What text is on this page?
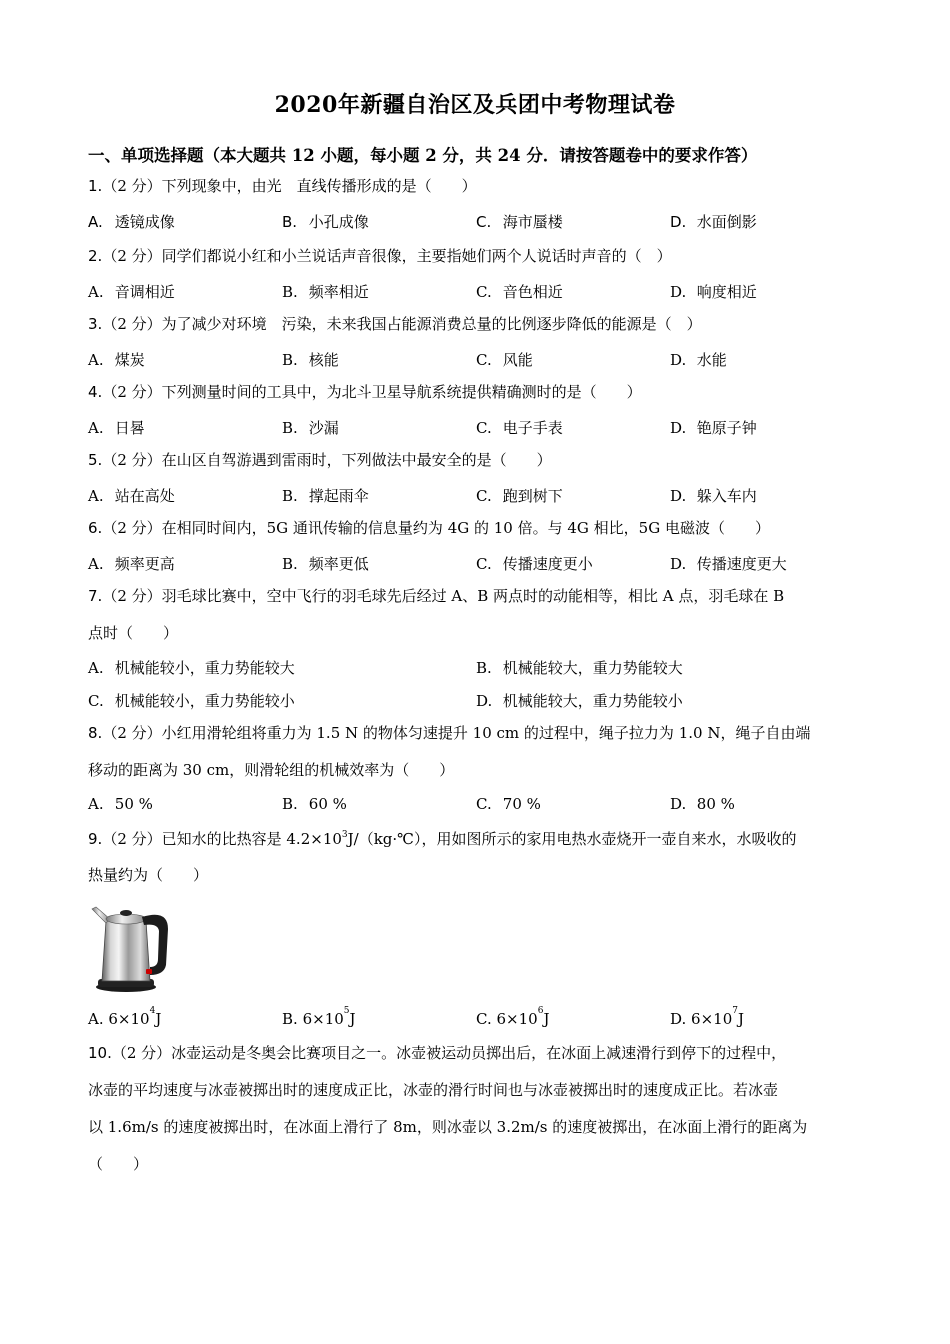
2020年新疆自治区及兵团中考物理试卷
一、单项选择题（本大题共 12 小题，每小题 2 分，共 24 分．请按答题卷中的要求作答）
1.（2 分）下列现象中，由光　直线传播形成的是（　　）
A. 透镜成像	B. 小孔成像	C. 海市蜃楼	D. 水面倒影
2.（2 分）同学们都说小红和小兰说话声音很像，主要指她们两个人说话时声音的（　）
A. 音调相近	B. 频率相近	C. 音色相近	D. 响度相近
3.（2 分）为了减少对环境　污染，未来我国占能源消费总量的比例逐步降低的能源是（　）
A. 煤炭	B. 核能	C. 风能	D. 水能
4.（2 分）下列测量时间的工具中，为北斗卫星导航系统提供精确测时的是（　　）
A. 日晷	B. 沙漏	C. 电子手表	D. 铯原子钟
5.（2 分）在山区自驾游遇到雷雨时，下列做法中最安全的是（　　）
A. 站在高处	B. 撑起雨伞	C. 跑到树下	D. 躲入车内
6.（2 分）在相同时间内，5G 通讯传输的信息量约为 4G 的 10 倍。与 4G 相比，5G 电磁波（　　）
A. 频率更高	B. 频率更低	C. 传播速度更小	D. 传播速度更大
7.（2 分）羽毛球比赛中，空中飞行的羽毛球先后经过 A、B 两点时的动能相等，相比 A 点，羽毛球在 B
点时（　　）
A. 机械能较小，重力势能较大	B. 机械能较大，重力势能较大
C. 机械能较小，重力势能较小	D. 机械能较大，重力势能较小
8.（2 分）小红用滑轮组将重力为 1.5 N 的物体匀速提升 10 cm 的过程中，绳子拉力为 1.0 N，绳子自由端
移动的距离为 30 cm，则滑轮组的机械效率为（　　）
A. 50 %	B. 60 %	C. 70 %	D. 80 %
9.（2 分）已知水的比热容是 $4.2\times 10^3J/(kg\cdot℃)$，用如图所示的家用电热水壶烧开一壶自来水，水吸收的
热量约为（　　）
A. $6\times 10^4J$	B. $6\times 10^5J$	C. $6\times 10^6J$	D. $6\times 10^7J$
10.（2 分）冰壶运动是冬奥会比赛项目之一。冰壶被运动员掷出后，在冰面上减速滑行到停下的过程中，
冰壶的平均速度与冰壶被掷出时的速度成正比，冰壶的滑行时间也与冰壶被掷出时的速度成正比。若冰壶
以 1.6m/s 的速度被掷出时，在冰面上滑行了 8m，则冰壶以 3.2m/s 的速度被掷出，在冰面上滑行的距离为
（　　）
